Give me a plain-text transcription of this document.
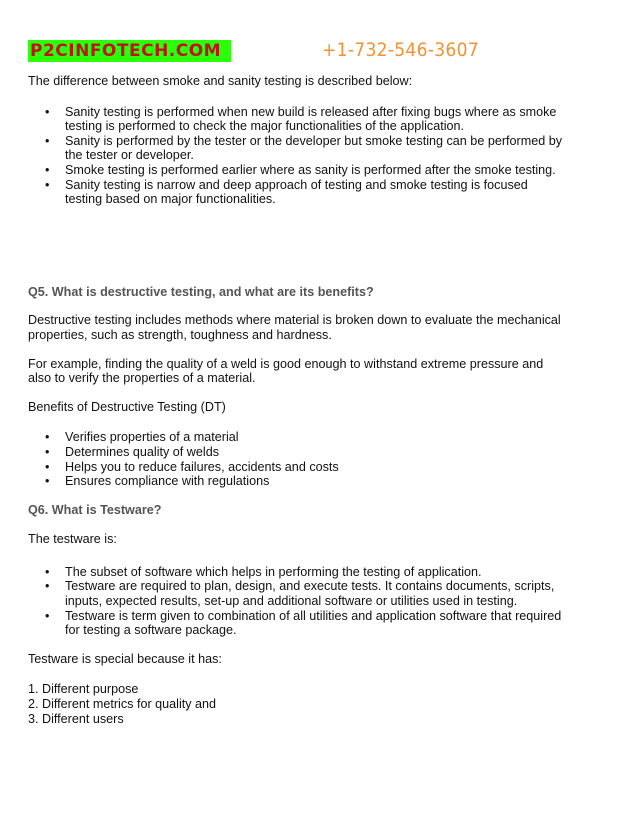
P2CINFOTECH.COM	+1-732-546-3607

The difference between smoke and sanity testing is described below:

• Sanity testing is performed when new build is released after fixing bugs where as smoke testing is performed to check the major functionalities of the application.
• Sanity is performed by the tester or the developer but smoke testing can be performed by the tester or developer.
• Smoke testing is performed earlier where as sanity is performed after the smoke testing.
• Sanity testing is narrow and deep approach of testing and smoke testing is focused testing based on major functionalities.

Q5. What is destructive testing, and what are its benefits?

Destructive testing includes methods where material is broken down to evaluate the mechanical properties, such as strength, toughness and hardness.

For example, finding the quality of a weld is good enough to withstand extreme pressure and also to verify the properties of a material.

Benefits of Destructive Testing (DT)

• Verifies properties of a material
• Determines quality of welds
• Helps you to reduce failures, accidents and costs
• Ensures compliance with regulations

Q6. What is Testware?

The testware is:

• The subset of software which helps in performing the testing of application.
• Testware are required to plan, design, and execute tests. It contains documents, scripts, inputs, expected results, set-up and additional software or utilities used in testing.
• Testware is term given to combination of all utilities and application software that required for testing a software package.

Testware is special because it has:

1. Different purpose

2. Different metrics for quality and

3. Different users
